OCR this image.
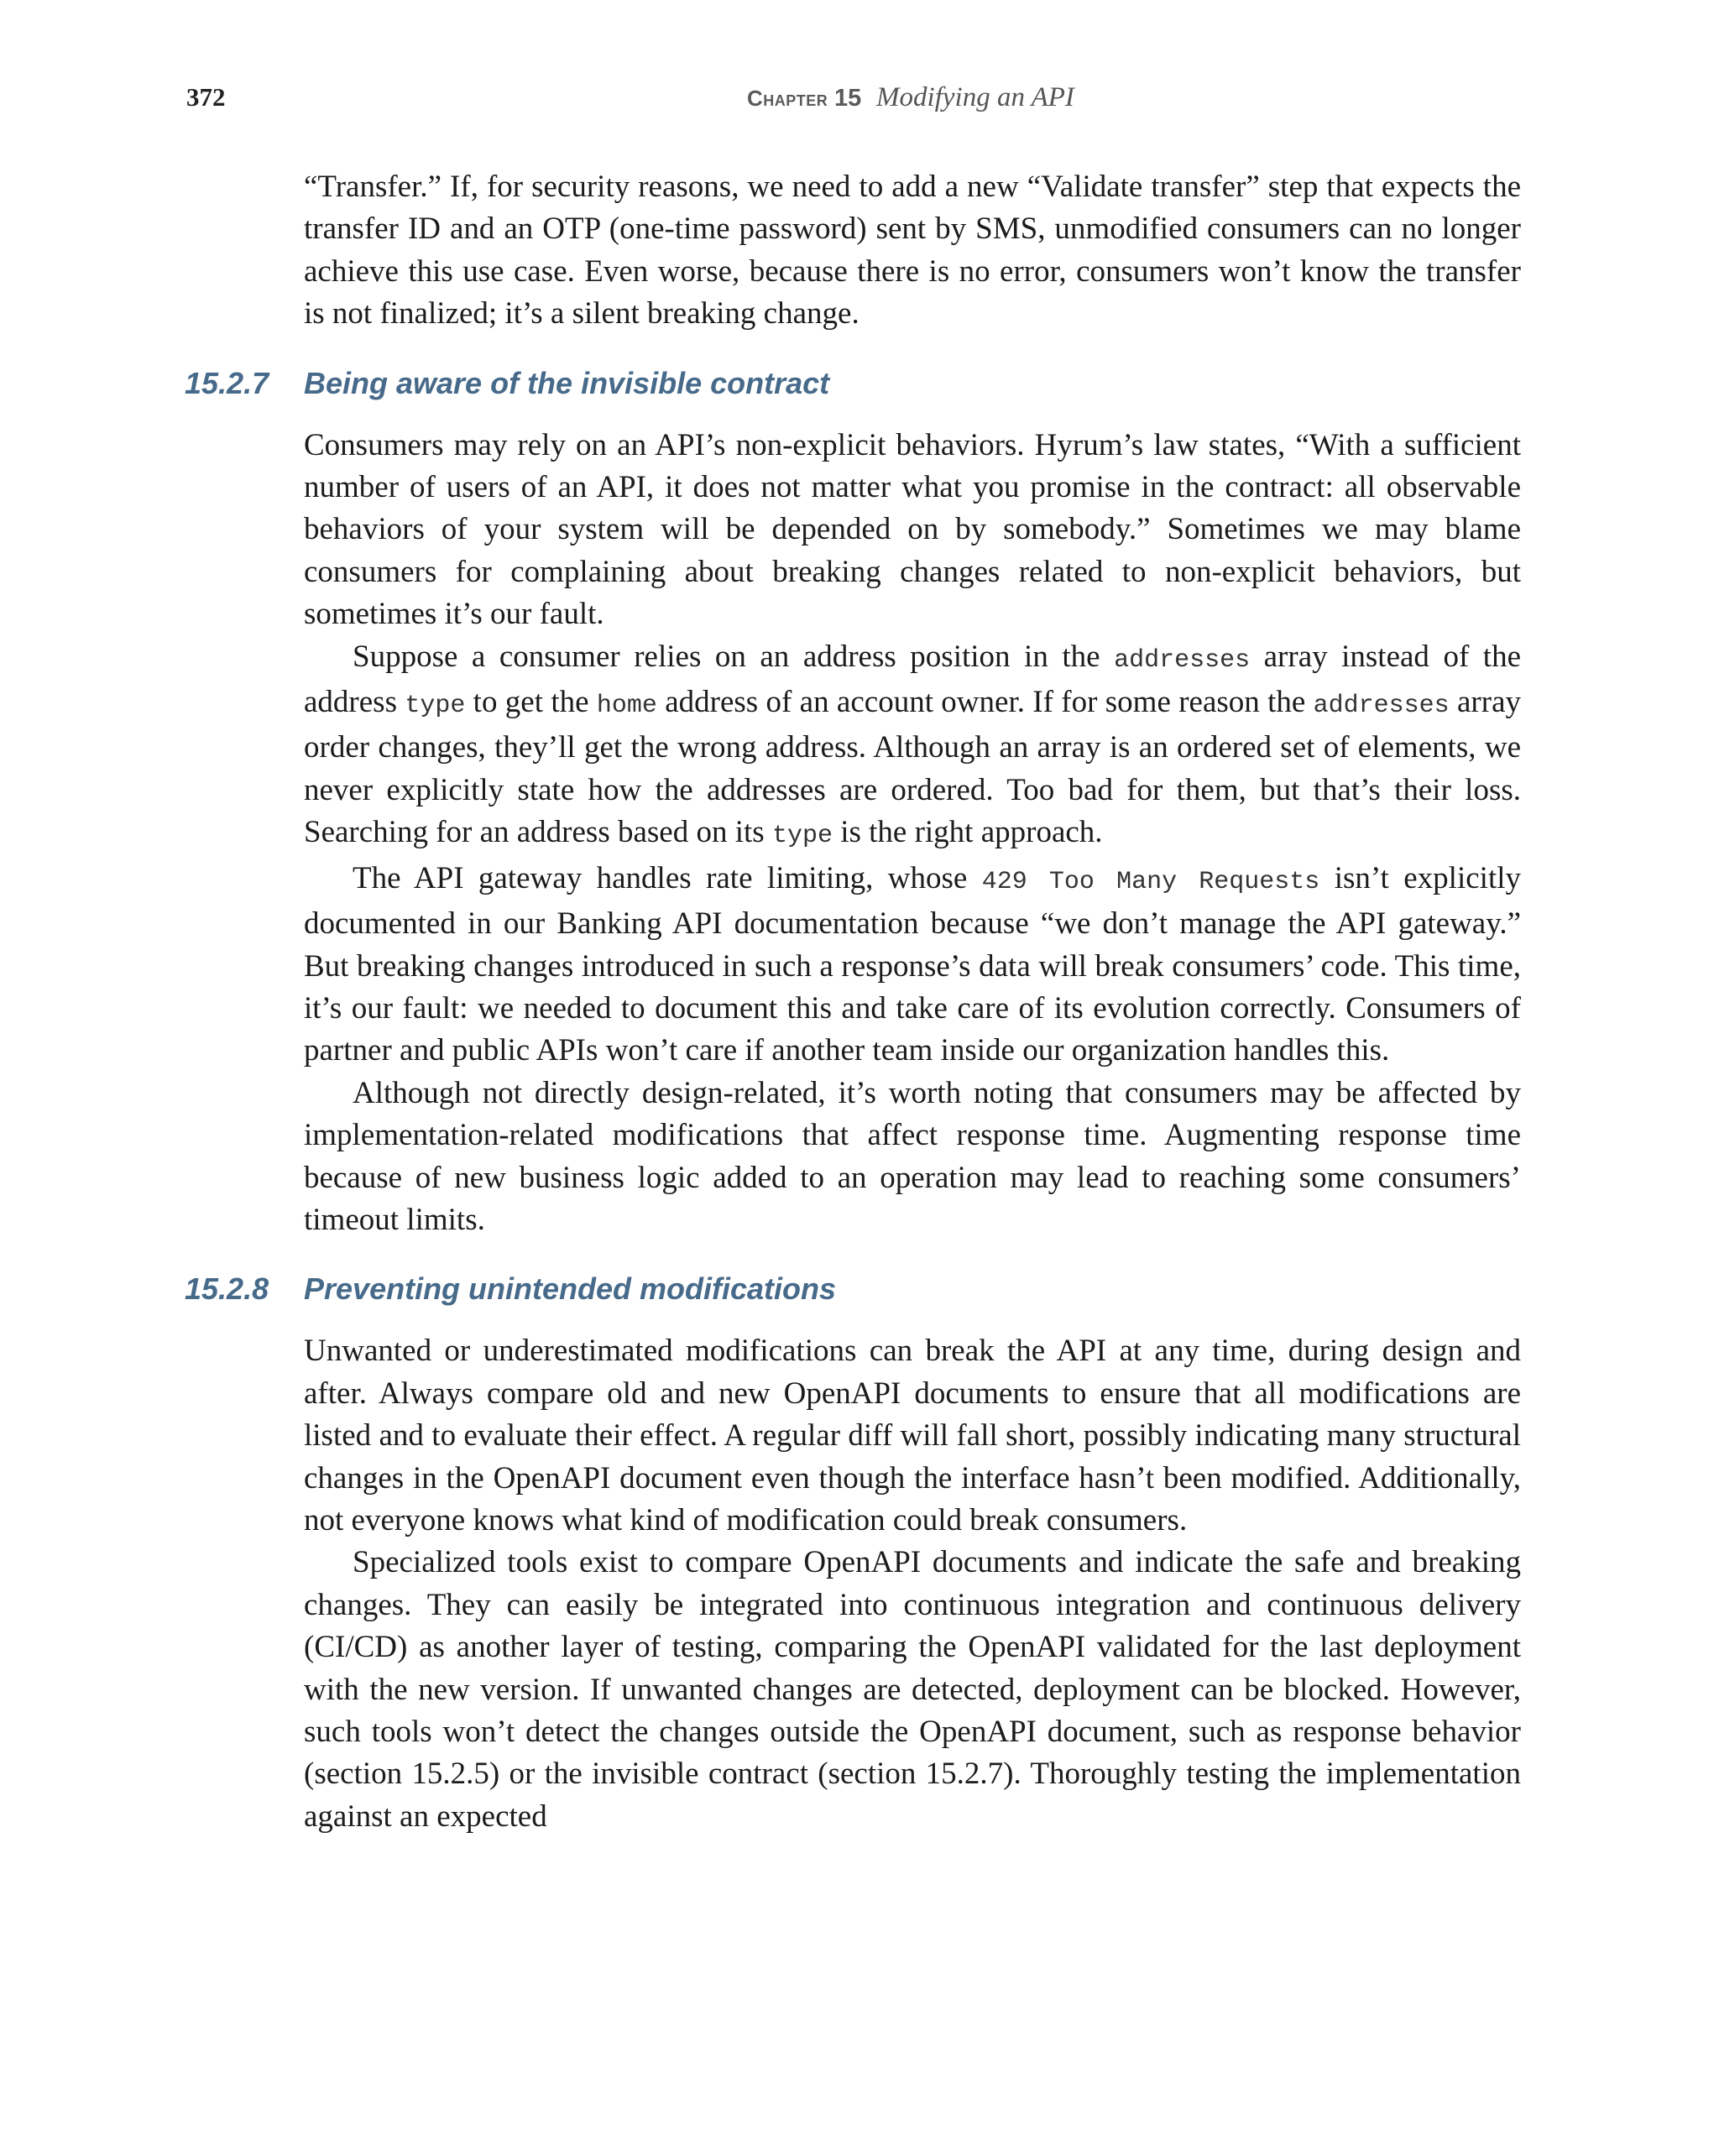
372	Chapter 15 Modifying an API

“Transfer.” If, for security reasons, we need to add a new “Validate transfer” step that expects the transfer ID and an OTP (one-time password) sent by SMS, unmodified consumers can no longer achieve this use case. Even worse, because there is no error, consumers won’t know the transfer is not finalized; it’s a silent breaking change.

15.2.7 Being aware of the invisible contract

Consumers may rely on an API’s non-explicit behaviors. Hyrum’s law states, “With a sufficient number of users of an API, it does not matter what you promise in the contract: all observable behaviors of your system will be depended on by somebody.” Sometimes we may blame consumers for complaining about breaking changes related to non-explicit behaviors, but sometimes it’s our fault.

Suppose a consumer relies on an address position in the addresses array instead of the address type to get the home address of an account owner. If for some reason the addresses array order changes, they’ll get the wrong address. Although an array is an ordered set of elements, we never explicitly state how the addresses are ordered. Too bad for them, but that’s their loss. Searching for an address based on its type is the right approach.

The API gateway handles rate limiting, whose 429 Too Many Requests isn’t explicitly documented in our Banking API documentation because “we don’t manage the API gateway.” But breaking changes introduced in such a response’s data will break consumers’ code. This time, it’s our fault: we needed to document this and take care of its evolution correctly. Consumers of partner and public APIs won’t care if another team inside our organization handles this.

Although not directly design-related, it’s worth noting that consumers may be affected by implementation-related modifications that affect response time. Augmenting response time because of new business logic added to an operation may lead to reaching some consumers’ timeout limits.

15.2.8 Preventing unintended modifications

Unwanted or underestimated modifications can break the API at any time, during design and after. Always compare old and new OpenAPI documents to ensure that all modifications are listed and to evaluate their effect. A regular diff will fall short, possibly indicating many structural changes in the OpenAPI document even though the interface hasn’t been modified. Additionally, not everyone knows what kind of modification could break consumers.

Specialized tools exist to compare OpenAPI documents and indicate the safe and breaking changes. They can easily be integrated into continuous integration and continuous delivery (CI/CD) as another layer of testing, comparing the OpenAPI validated for the last deployment with the new version. If unwanted changes are detected, deployment can be blocked. However, such tools won’t detect the changes outside the OpenAPI document, such as response behavior (section 15.2.5) or the invisible contract (section 15.2.7). Thoroughly testing the implementation against an expected
